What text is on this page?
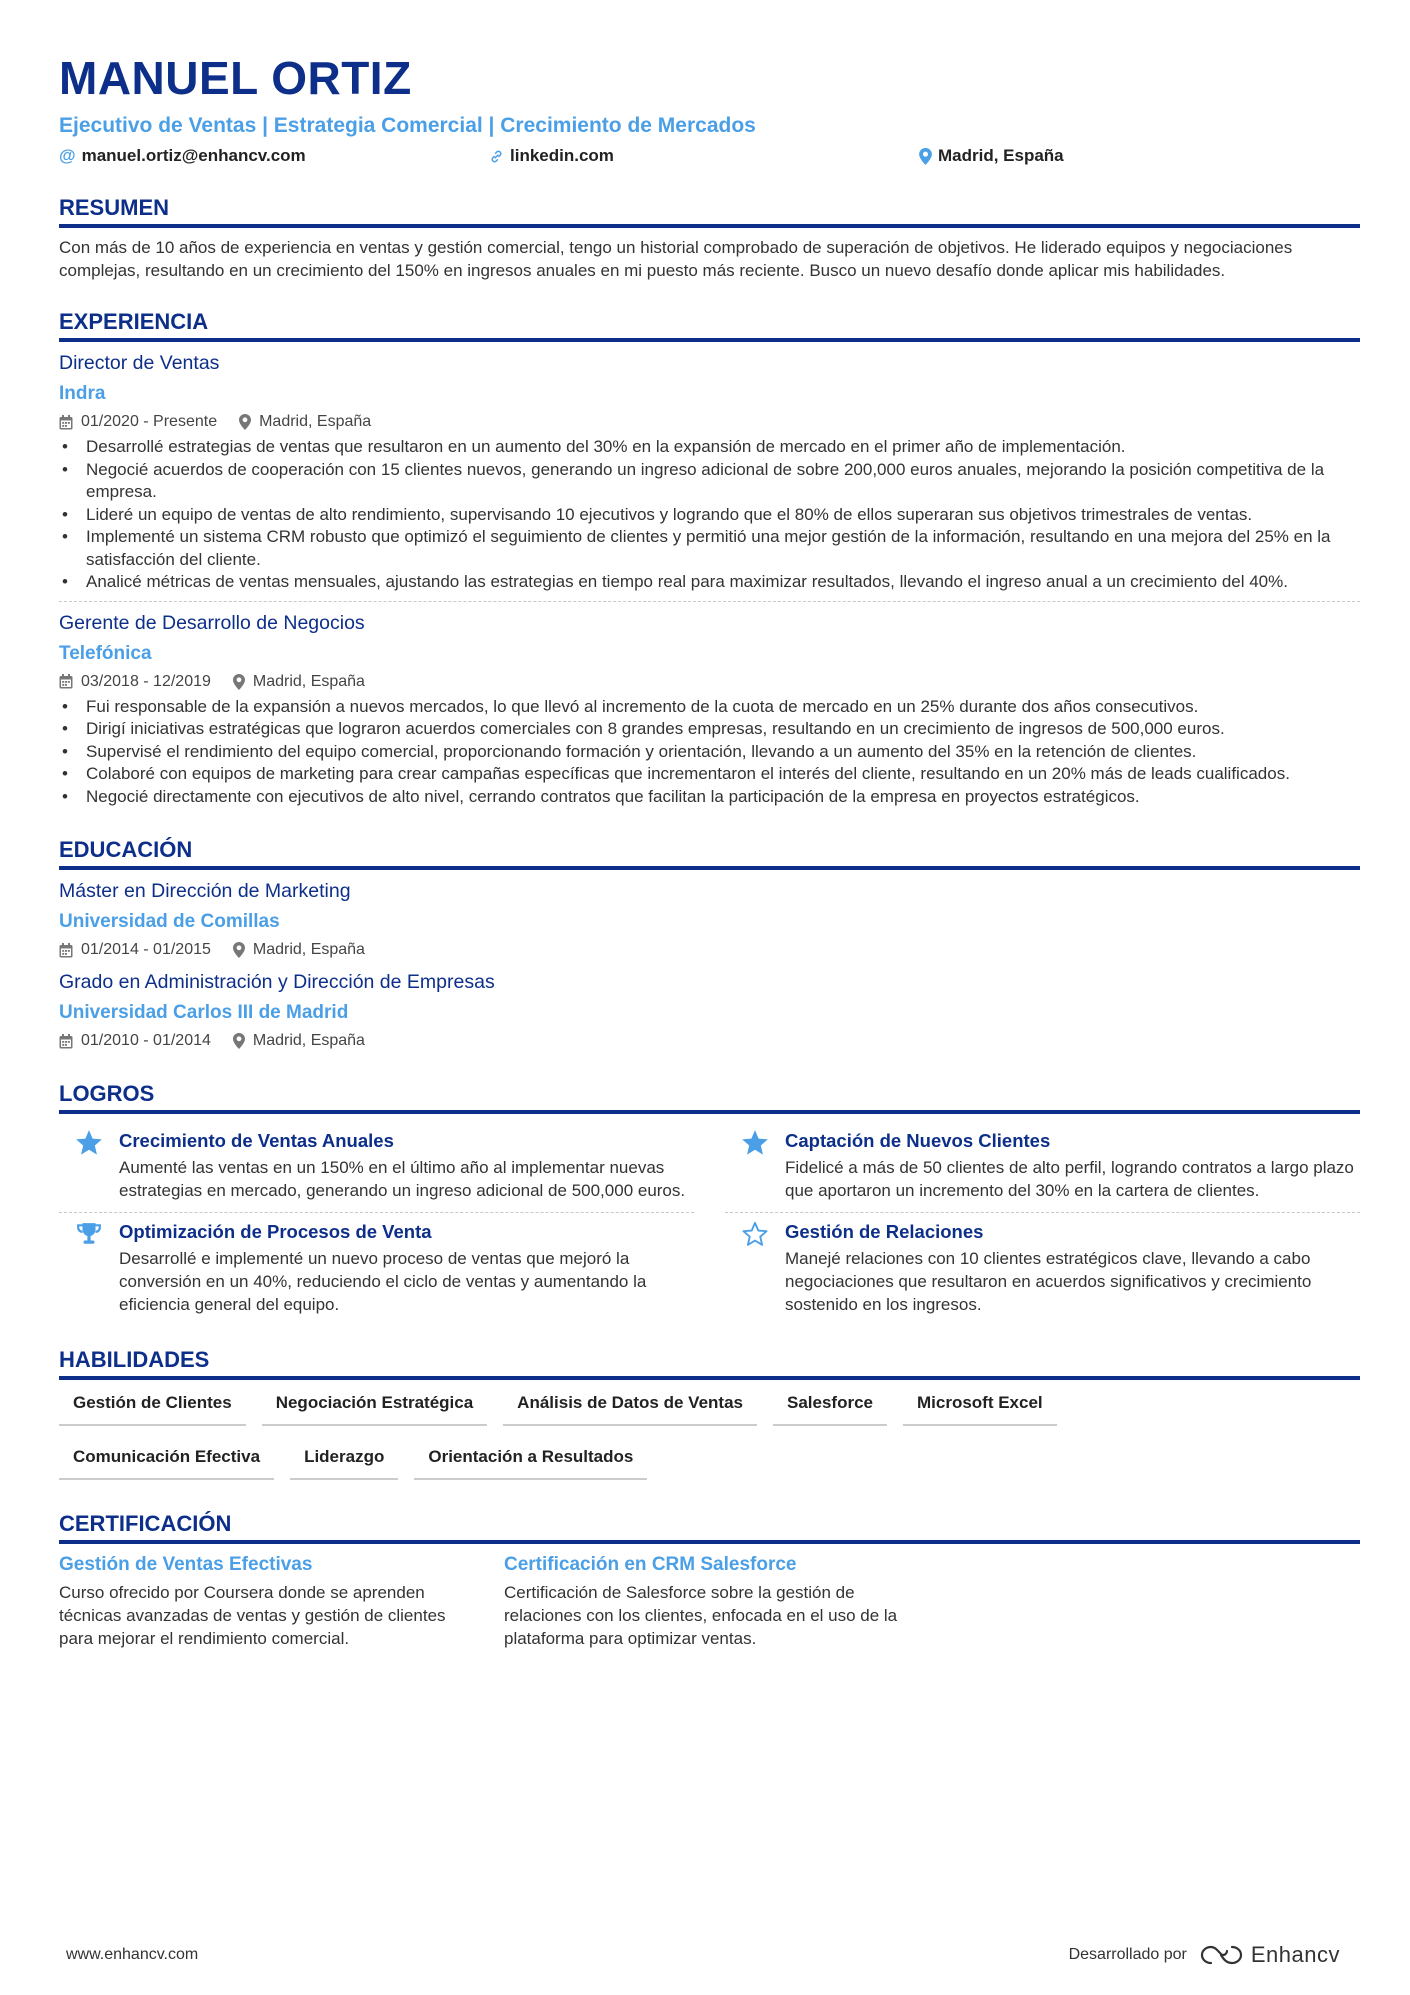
MANUEL ORTIZ
Ejecutivo de Ventas | Estrategia Comercial | Crecimiento de Mercados
@ manuel.ortiz@enhancv.com	linkedin.com	Madrid, España
RESUMEN
Con más de 10 años de experiencia en ventas y gestión comercial, tengo un historial comprobado de superación de objetivos. He liderado equipos y negociaciones complejas, resultando en un crecimiento del 150% en ingresos anuales en mi puesto más reciente. Busco un nuevo desafío donde aplicar mis habilidades.
EXPERIENCIA
Director de Ventas
Indra
01/2020 - Presente	Madrid, España
• Desarrollé estrategias de ventas que resultaron en un aumento del 30% en la expansión de mercado en el primer año de implementación.
• Negocié acuerdos de cooperación con 15 clientes nuevos, generando un ingreso adicional de sobre 200,000 euros anuales, mejorando la posición competitiva de la empresa.
• Lideré un equipo de ventas de alto rendimiento, supervisando 10 ejecutivos y logrando que el 80% de ellos superaran sus objetivos trimestrales de ventas.
• Implementé un sistema CRM robusto que optimizó el seguimiento de clientes y permitió una mejor gestión de la información, resultando en una mejora del 25% en la satisfacción del cliente.
• Analicé métricas de ventas mensuales, ajustando las estrategias en tiempo real para maximizar resultados, llevando el ingreso anual a un crecimiento del 40%.
Gerente de Desarrollo de Negocios
Telefónica
03/2018 - 12/2019	Madrid, España
• Fui responsable de la expansión a nuevos mercados, lo que llevó al incremento de la cuota de mercado en un 25% durante dos años consecutivos.
• Dirigí iniciativas estratégicas que lograron acuerdos comerciales con 8 grandes empresas, resultando en un crecimiento de ingresos de 500,000 euros.
• Supervisé el rendimiento del equipo comercial, proporcionando formación y orientación, llevando a un aumento del 35% en la retención de clientes.
• Colaboré con equipos de marketing para crear campañas específicas que incrementaron el interés del cliente, resultando en un 20% más de leads cualificados.
• Negocié directamente con ejecutivos de alto nivel, cerrando contratos que facilitan la participación de la empresa en proyectos estratégicos.
EDUCACIÓN
Máster en Dirección de Marketing
Universidad de Comillas
01/2014 - 01/2015	Madrid, España
Grado en Administración y Dirección de Empresas
Universidad Carlos III de Madrid
01/2010 - 01/2014	Madrid, España
LOGROS
Crecimiento de Ventas Anuales
Aumenté las ventas en un 150% en el último año al implementar nuevas estrategias en mercado, generando un ingreso adicional de 500,000 euros.
Captación de Nuevos Clientes
Fidelicé a más de 50 clientes de alto perfil, logrando contratos a largo plazo que aportaron un incremento del 30% en la cartera de clientes.
Optimización de Procesos de Venta
Desarrollé e implementé un nuevo proceso de ventas que mejoró la conversión en un 40%, reduciendo el ciclo de ventas y aumentando la eficiencia general del equipo.
Gestión de Relaciones
Manejé relaciones con 10 clientes estratégicos clave, llevando a cabo negociaciones que resultaron en acuerdos significativos y crecimiento sostenido en los ingresos.
HABILIDADES
Gestión de Clientes	Negociación Estratégica	Análisis de Datos de Ventas	Salesforce	Microsoft Excel
Comunicación Efectiva	Liderazgo	Orientación a Resultados
CERTIFICACIÓN
Gestión de Ventas Efectivas
Curso ofrecido por Coursera donde se aprenden técnicas avanzadas de ventas y gestión de clientes para mejorar el rendimiento comercial.
Certificación en CRM Salesforce
Certificación de Salesforce sobre la gestión de relaciones con los clientes, enfocada en el uso de la plataforma para optimizar ventas.
www.enhancv.com	Desarrollado por	Enhancv
